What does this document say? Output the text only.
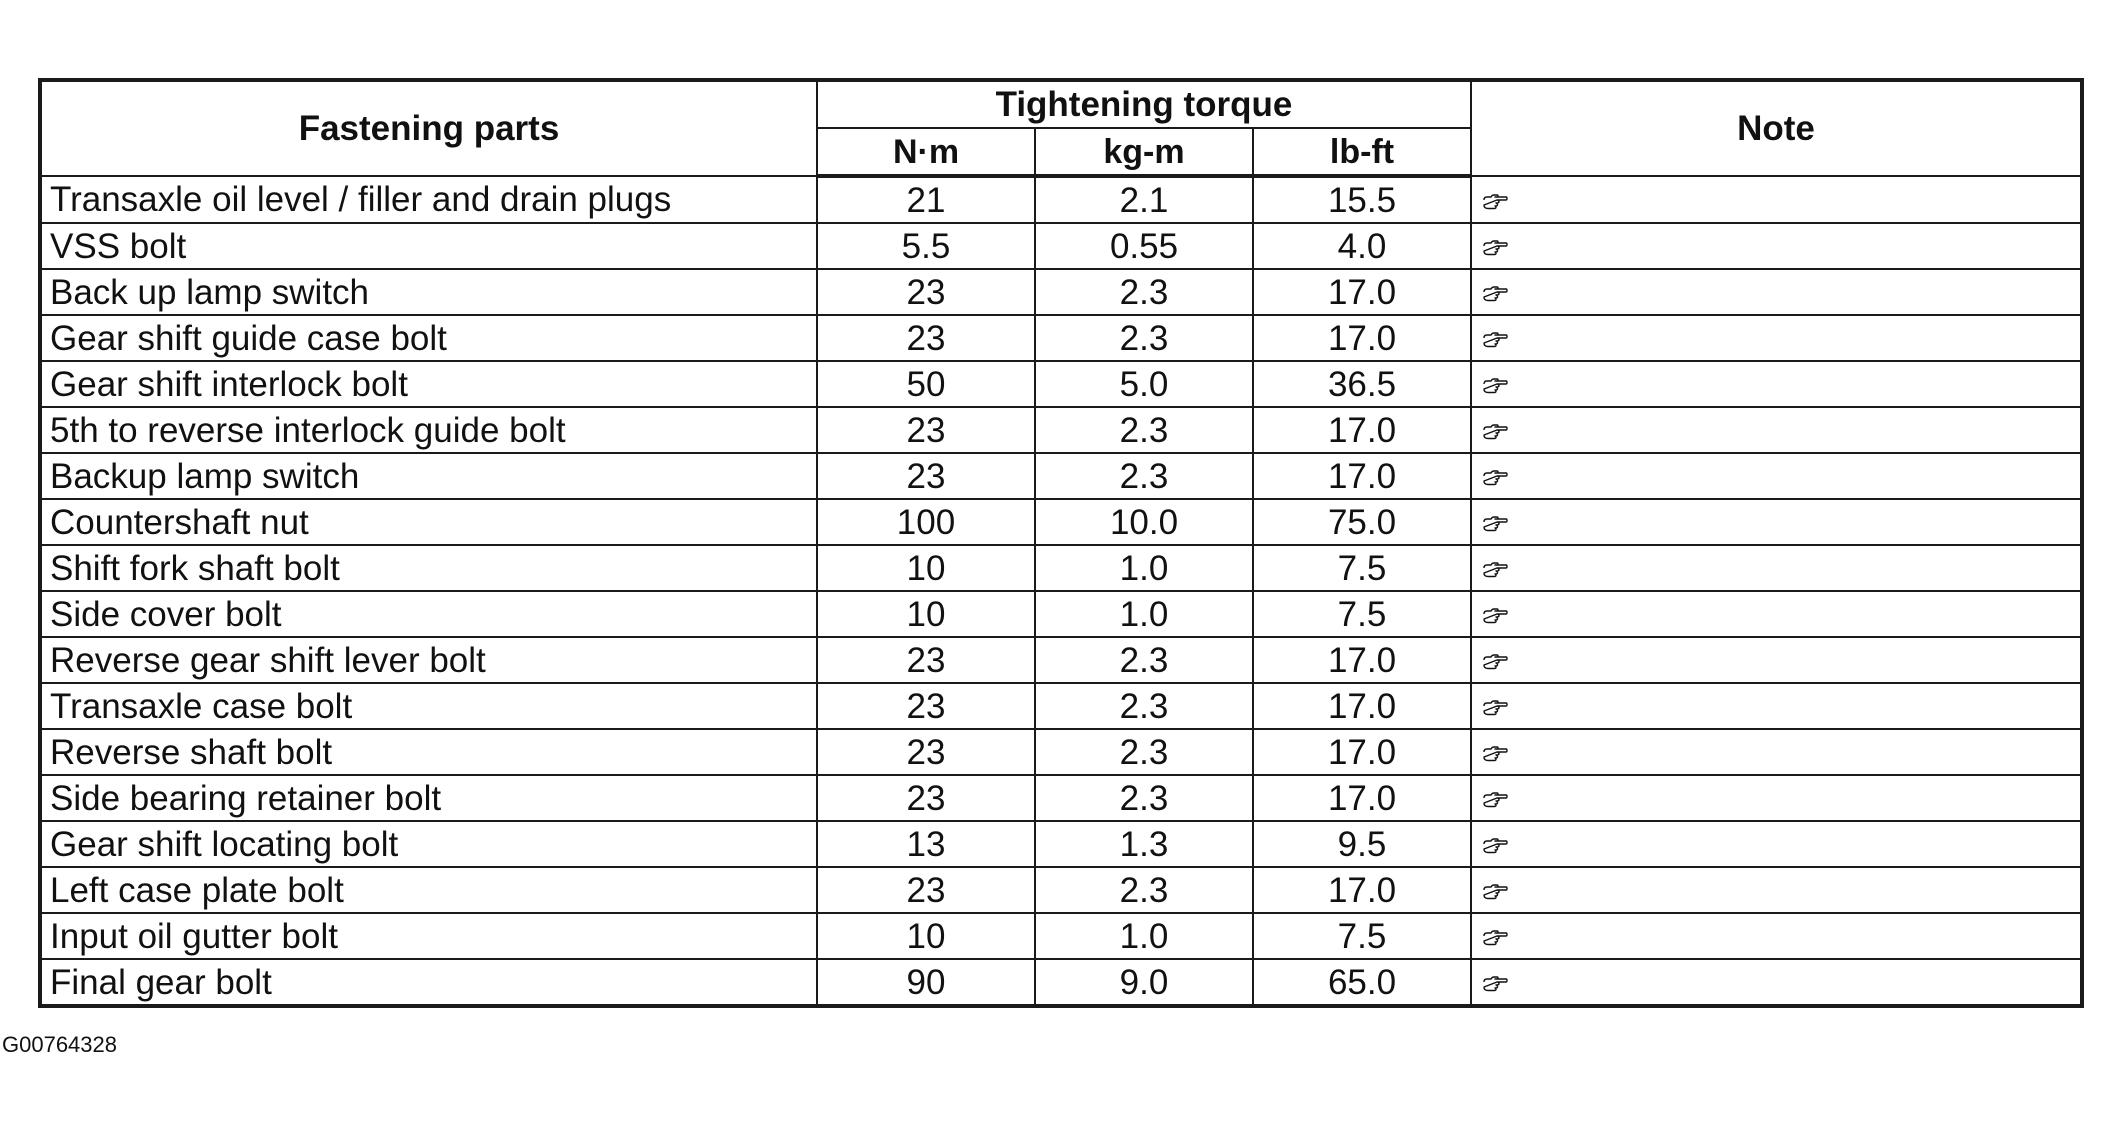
Fastening parts	Tightening torque			Note
	N·m	kg-m	lb-ft	
Transaxle oil level / filler and drain plugs	21	2.1	15.5	
VSS bolt	5.5	0.55	4.0	
Back up lamp switch	23	2.3	17.0	
Gear shift guide case bolt	23	2.3	17.0	
Gear shift interlock bolt	50	5.0	36.5	
5th to reverse interlock guide bolt	23	2.3	17.0	
Backup lamp switch	23	2.3	17.0	
Countershaft nut	100	10.0	75.0	
Shift fork shaft bolt	10	1.0	7.5	
Side cover bolt	10	1.0	7.5	
Reverse gear shift lever bolt	23	2.3	17.0	
Transaxle case bolt	23	2.3	17.0	
Reverse shaft bolt	23	2.3	17.0	
Side bearing retainer bolt	23	2.3	17.0	
Gear shift locating bolt	13	1.3	9.5	
Left case plate bolt	23	2.3	17.0	
Input oil gutter bolt	10	1.0	7.5	
Final gear bolt	90	9.0	65.0	
G00764328
